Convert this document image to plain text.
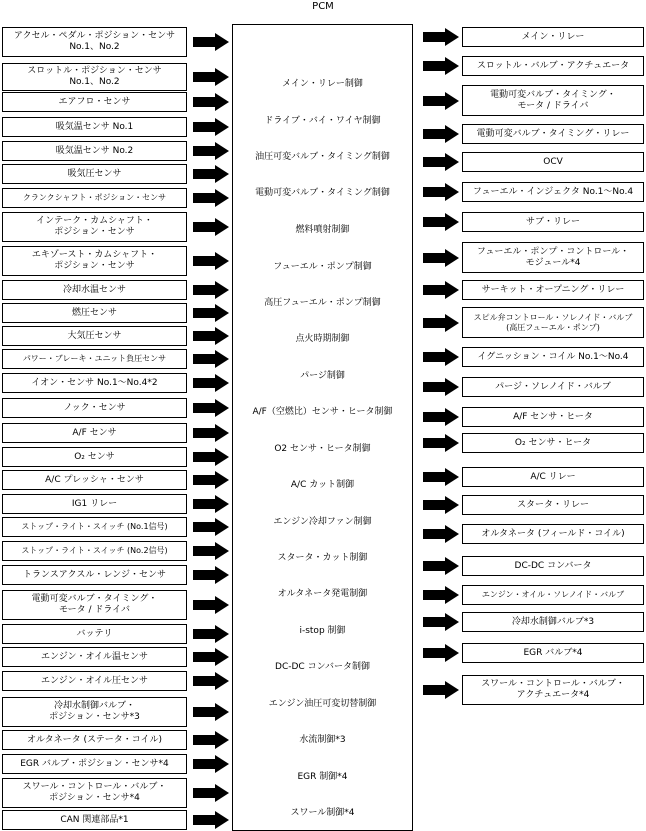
PCM
メイン・リレー制御
ドライブ・バイ・ワイヤ制御
油圧可変バルブ・タイミング制御
電動可変バルブ・タイミング制御
燃料噴射制御
フューエル・ポンプ制御
高圧フューエル・ポンプ制御
点火時期制御
パージ制御
A/F（空燃比）センサ・ヒータ制御
O2 センサ・ヒータ制御
A/C カット制御
エンジン冷却ファン制御
スタータ・カット制御
オルタネータ発電制御
i-stop 制御
DC-DC コンバータ制御
エンジン油圧可変切替制御
水流制御*3
EGR 制御*4
スワール制御*4
アクセル・ペダル・ポジション・センサ
No.1、No.2
スロットル・ポジション・センサ
No.1、No.2
エアフロ・センサ
吸気温センサ No.1
吸気温センサ No.2
吸気圧センサ
クランクシャフト・ポジション・センサ
インテーク・カムシャフト・
ポジション・センサ
エキゾースト・カムシャフト・
ポジション・センサ
冷却水温センサ
燃圧センサ
大気圧センサ
パワー・ブレーキ・ユニット負圧センサ
イオン・センサ No.1〜No.4*2
ノック・センサ
A/F センサ
O₂ センサ
A/C プレッシャ・センサ
IG1 リレー
ストップ・ライト・スイッチ (No.1信号)
ストップ・ライト・スイッチ (No.2信号)
トランスアクスル・レンジ・センサ
電動可変バルブ・タイミング・
モータ / ドライバ
バッテリ
エンジン・オイル温センサ
エンジン・オイル圧センサ
冷却水制御バルブ・
ポジション・センサ*3
オルタネータ (ステータ・コイル)
EGR バルブ・ポジション・センサ*4
スワール・コントロール・バルブ・
ポジション・センサ*4
CAN 関連部品*1
メイン・リレー
スロットル・バルブ・アクチュエータ
電動可変バルブ・タイミング・
モータ / ドライバ
電動可変バルブ・タイミング・リレー
OCV
フューエル・インジェクタ No.1〜No.4
サブ・リレー
フューエル・ポンプ・コントロール・
モジュール*4
サーキット・オープニング・リレー
スピル弁コントロール・ソレノイド・バルブ
(高圧フューエル・ポンプ)
イグニッション・コイル No.1〜No.4
パージ・ソレノイド・バルブ
A/F センサ・ヒータ
O₂ センサ・ヒータ
A/C リレー
スタータ・リレー
オルタネータ (フィールド・コイル)
DC-DC コンバータ
エンジン・オイル・ソレノイド・バルブ
冷却水制御バルブ*3
EGR バルブ*4
スワール・コントロール・バルブ・
アクチュエータ*4
